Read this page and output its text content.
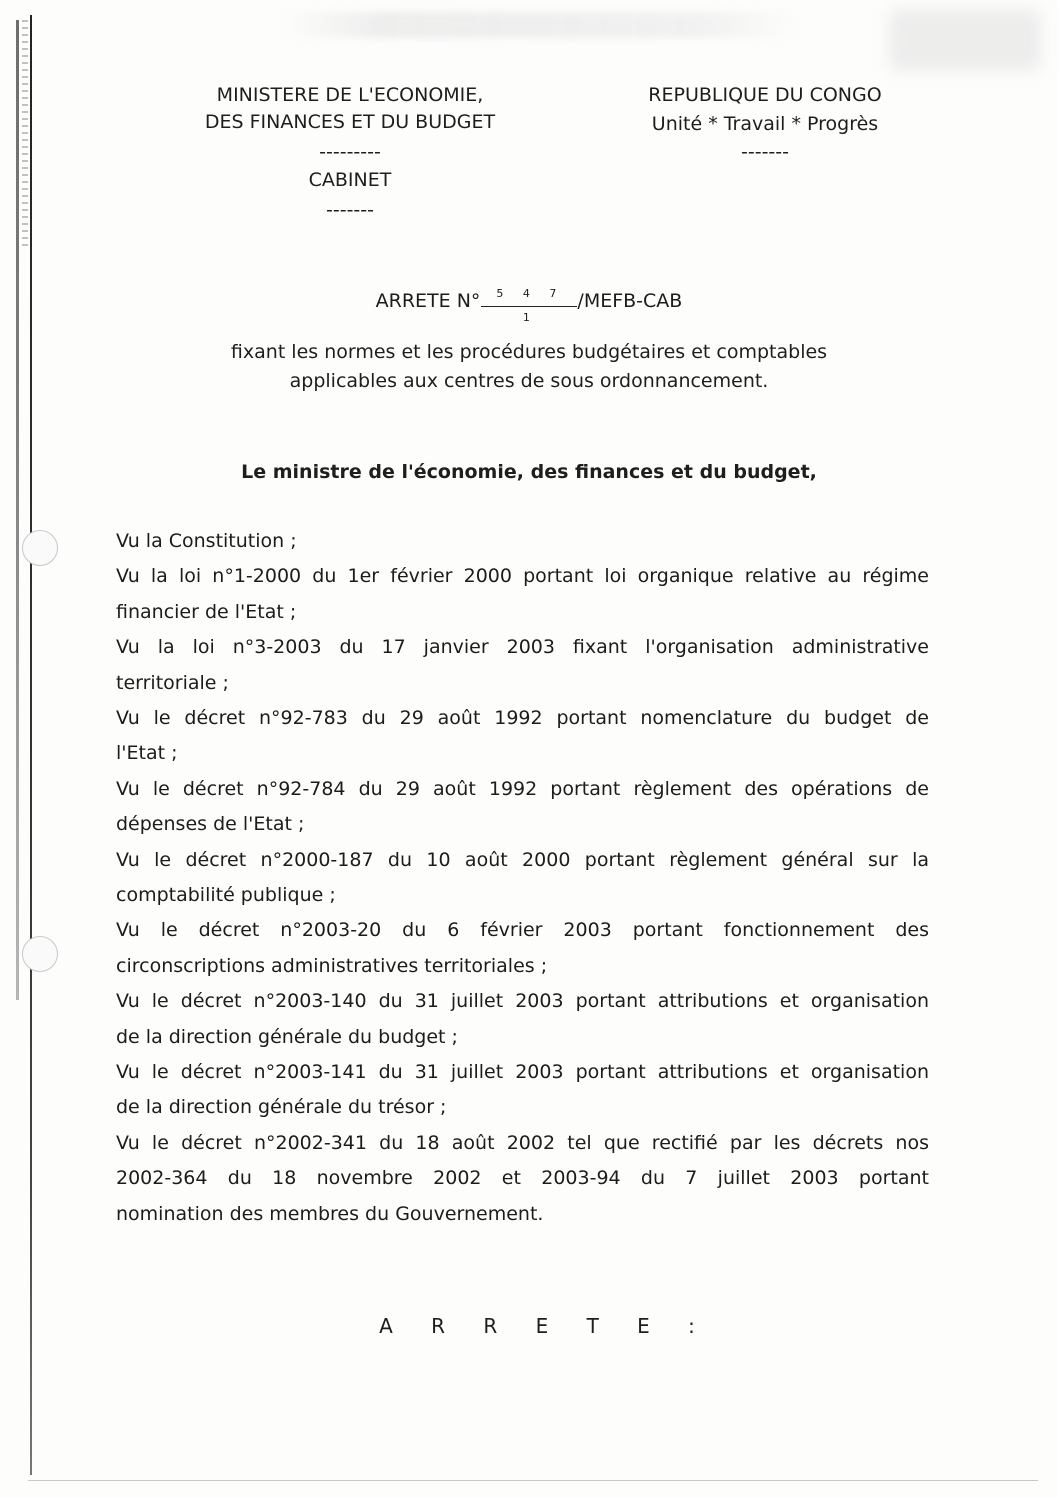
MINISTERE DE L'ECONOMIE,
DES FINANCES ET DU BUDGET
---------
CABINET
-------
REPUBLIQUE DU CONGO
Unité * Travail * Progrès
-------
ARRETE N°	5 4 7 1
/MEFB-CAB
fixant les normes et les procédures budgétaires et comptables
applicables aux centres de sous ordonnancement.
Le ministre de l'économie, des finances et du budget,
Vu la Constitution ;
Vu la loi n°1-2000 du 1er février 2000 portant loi organique relative au régime
financier de l'Etat ;
Vu la loi n°3-2003 du 17 janvier 2003 fixant l'organisation administrative
territoriale ;
Vu le décret n°92-783 du 29 août 1992 portant nomenclature du budget de
l'Etat ;
Vu le décret n°92-784 du 29 août 1992 portant règlement des opérations de
dépenses de l'Etat ;
Vu le décret n°2000-187 du 10 août 2000 portant règlement général sur la
comptabilité publique ;
Vu le décret n°2003-20 du 6 février 2003 portant fonctionnement des
circonscriptions administratives territoriales ;
Vu le décret n°2003-140 du 31 juillet 2003 portant attributions et organisation
de la direction générale du budget ;
Vu le décret n°2003-141 du 31 juillet 2003 portant attributions et organisation
de la direction générale du trésor ;
Vu le décret n°2002-341 du 18 août 2002 tel que rectifié par les décrets nos
2002-364 du 18 novembre 2002 et 2003-94 du 7 juillet 2003 portant
nomination des membres du Gouvernement.
A R R E T E :
